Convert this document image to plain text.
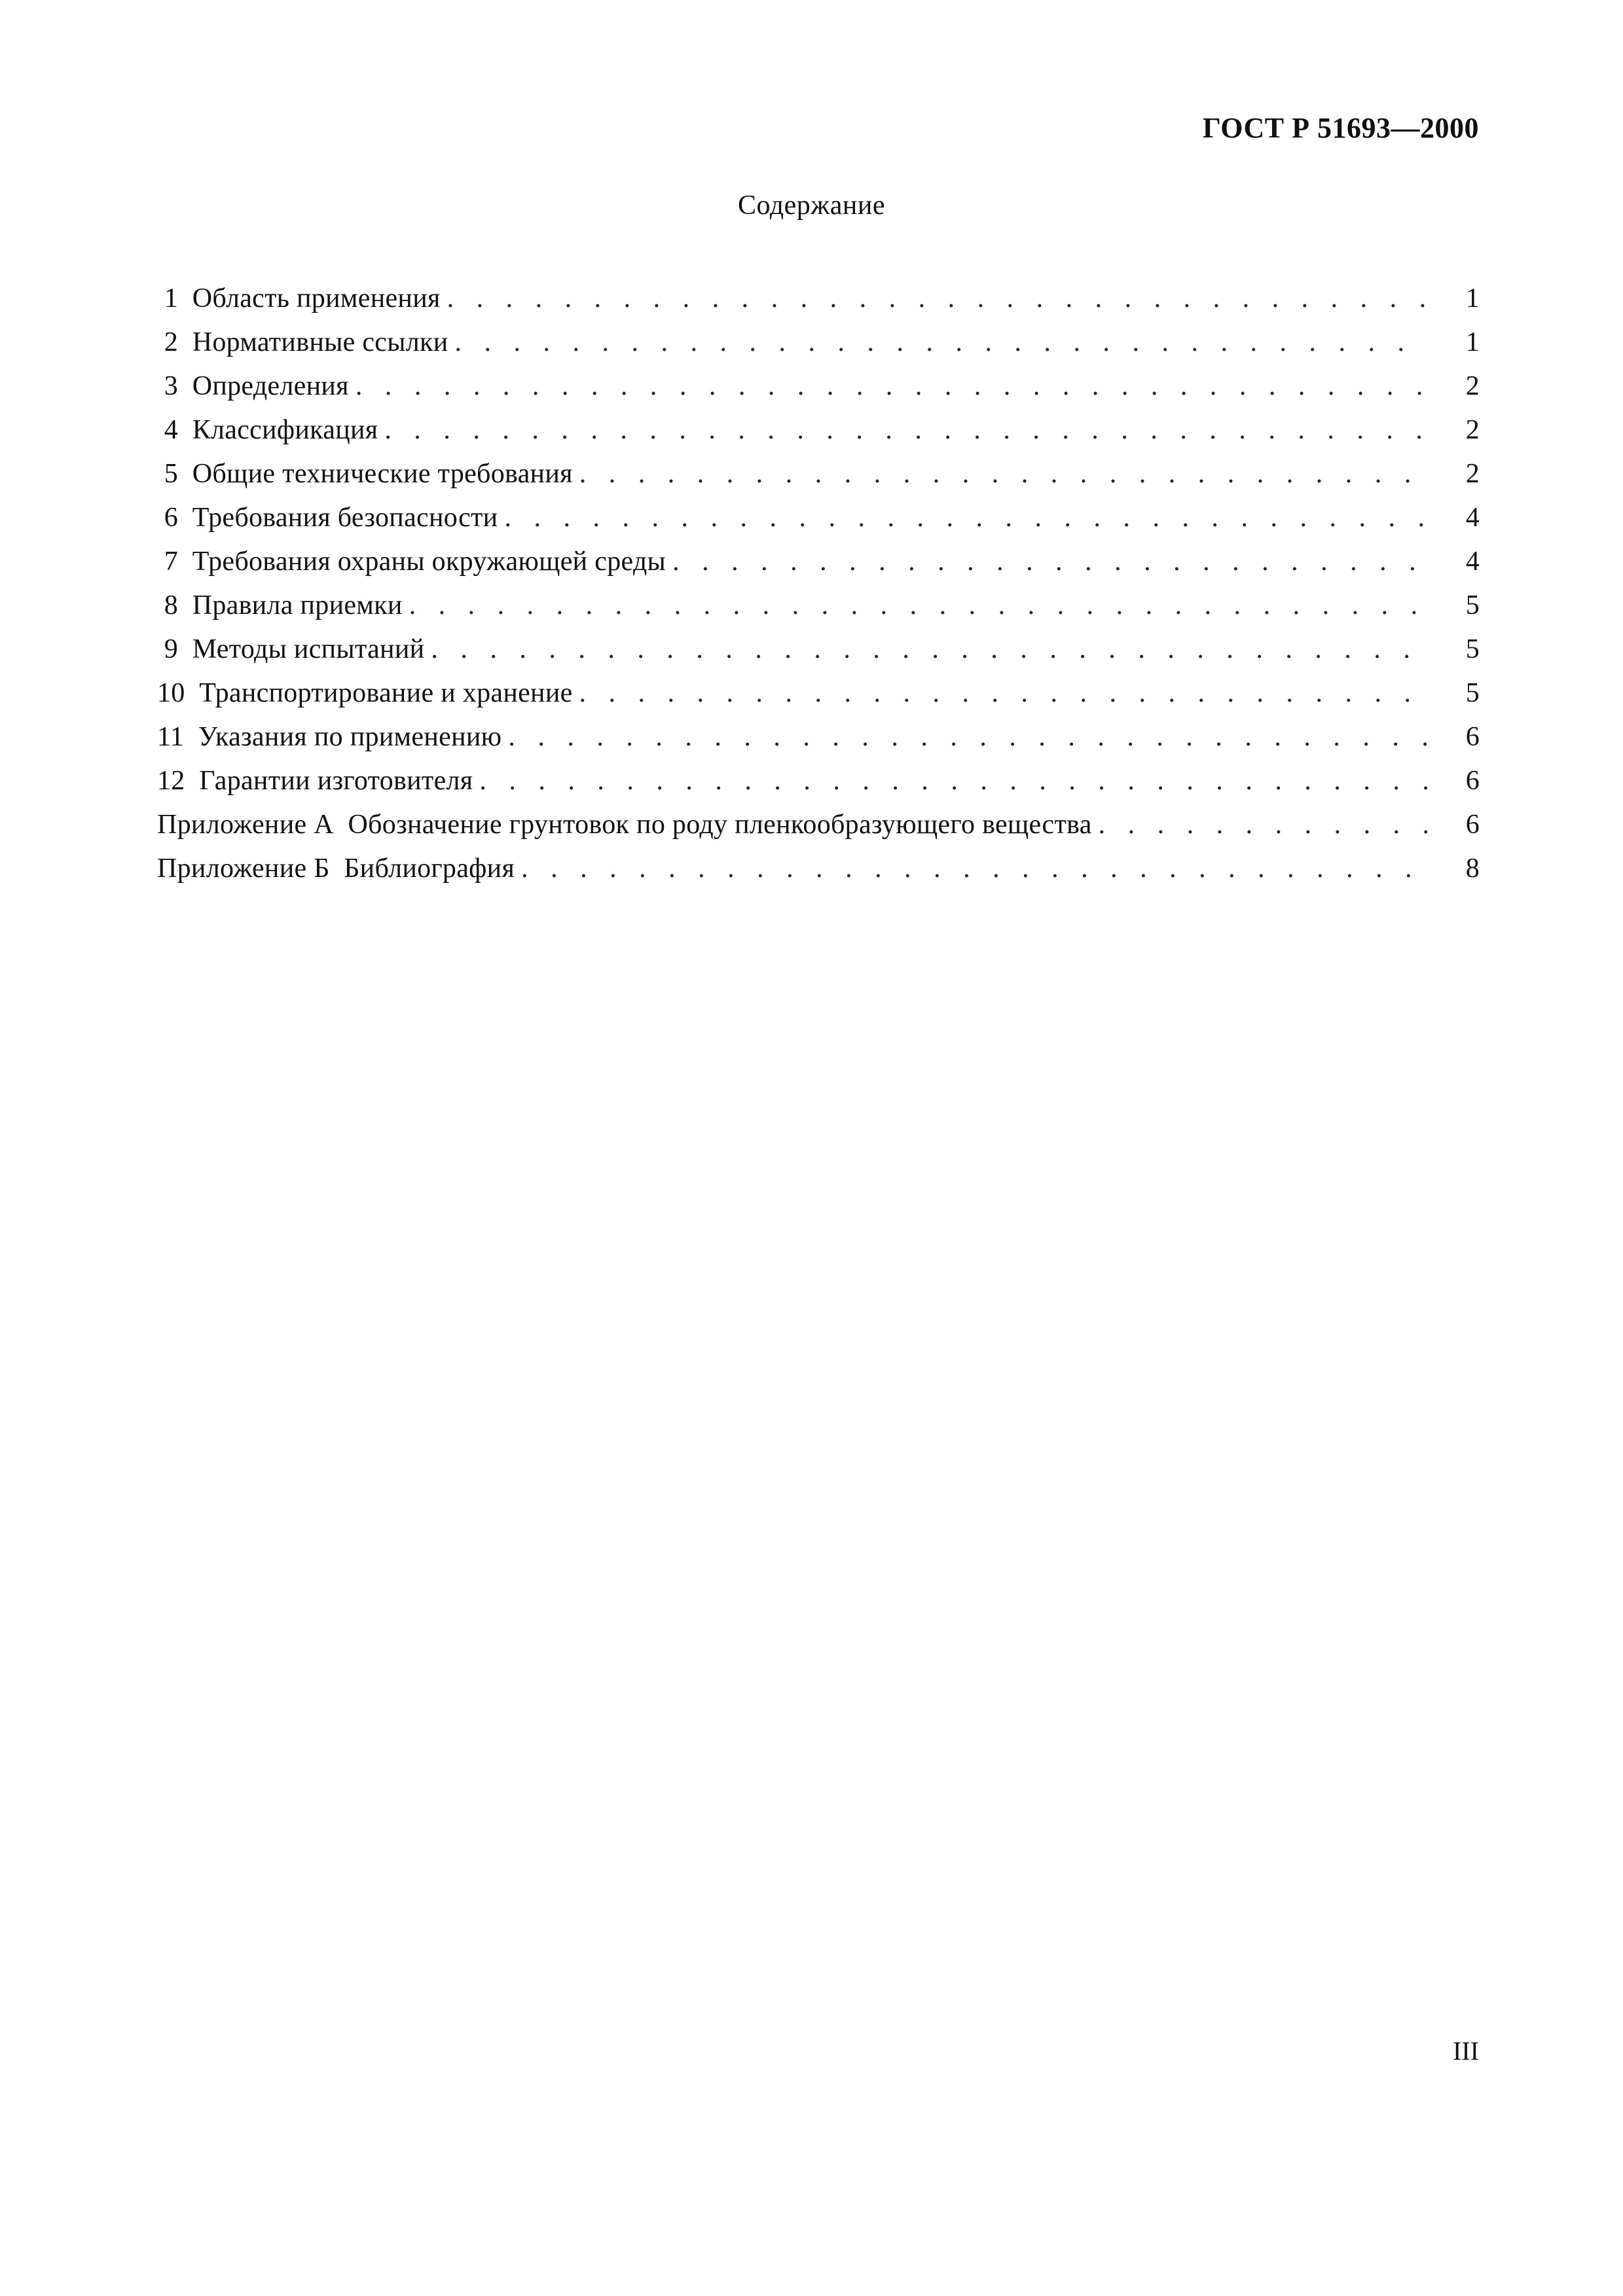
ГОСТ Р 51693—2000
Содержание
1 Область применения . . .	1
2 Нормативные ссылки . . .	1
3 Определения . . .	2
4 Классификация . . .	2
5 Общие технические требования . . .	2
6 Требования безопасности . . .	4
7 Требования охраны окружающей среды . . .	4
8 Правила приемки . . .	5
9 Методы испытаний . . .	5
10 Транспортирование и хранение . . .	5
11 Указания по применению . . .	6
12 Гарантии изготовителя . . .	6
Приложение А Обозначение грунтовок по роду пленкообразующего вещества . . .	6
Приложение Б Библиография . . .	8
III
